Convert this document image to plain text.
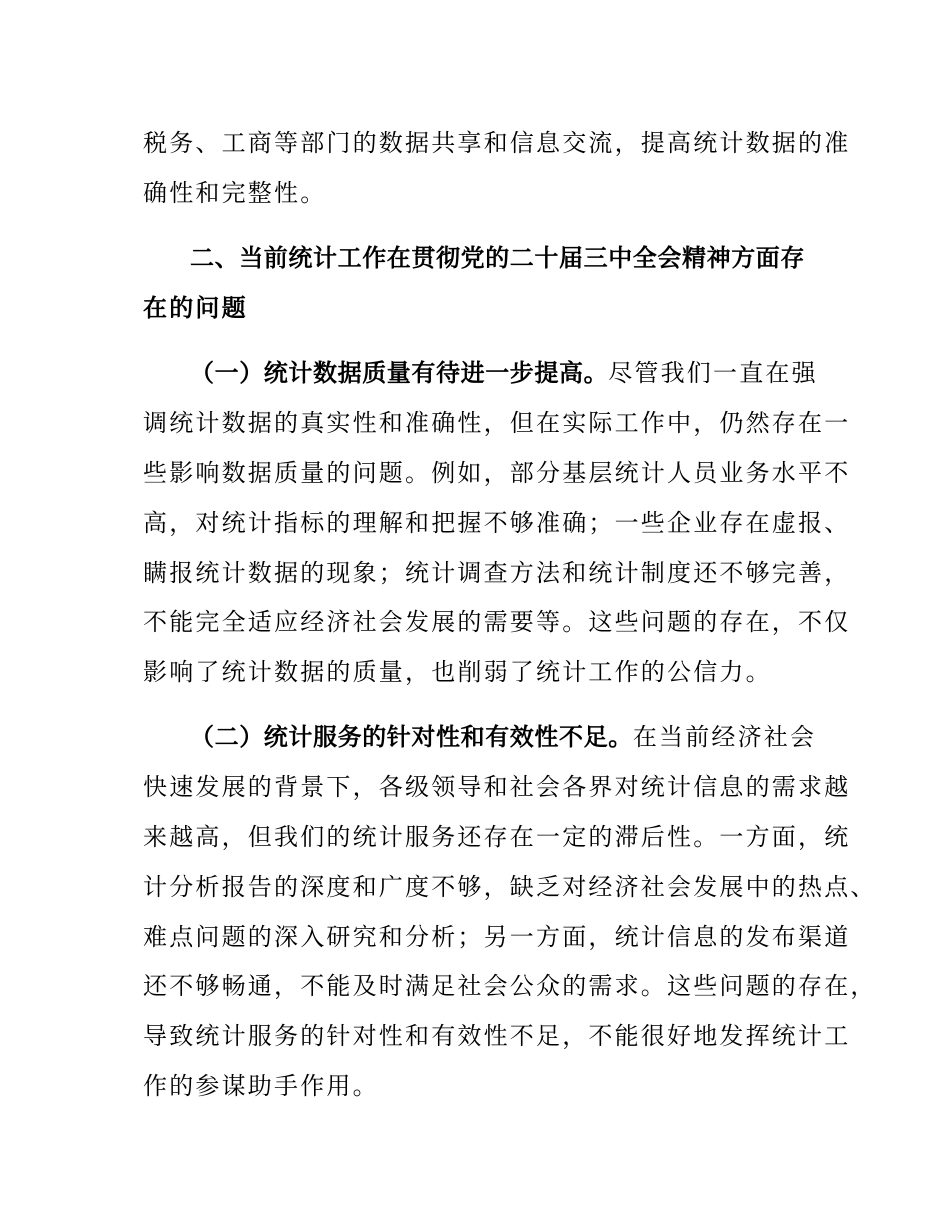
税务、工商等部门的数据共享和信息交流，提高统计数据的准
确性和完整性。
二、当前统计工作在贯彻党的二十届三中全会精神方面存
在的问题
（一）统计数据质量有待进一步提高。尽管我们一直在强
调统计数据的真实性和准确性，但在实际工作中，仍然存在一
些影响数据质量的问题。例如，部分基层统计人员业务水平不
高，对统计指标的理解和把握不够准确；一些企业存在虚报、
瞒报统计数据的现象；统计调查方法和统计制度还不够完善，
不能完全适应经济社会发展的需要等。这些问题的存在，不仅
影响了统计数据的质量，也削弱了统计工作的公信力。
（二）统计服务的针对性和有效性不足。在当前经济社会
快速发展的背景下，各级领导和社会各界对统计信息的需求越
来越高，但我们的统计服务还存在一定的滞后性。一方面，统
计分析报告的深度和广度不够，缺乏对经济社会发展中的热点、
难点问题的深入研究和分析；另一方面，统计信息的发布渠道
还不够畅通，不能及时满足社会公众的需求。这些问题的存在，
导致统计服务的针对性和有效性不足，不能很好地发挥统计工
作的参谋助手作用。
